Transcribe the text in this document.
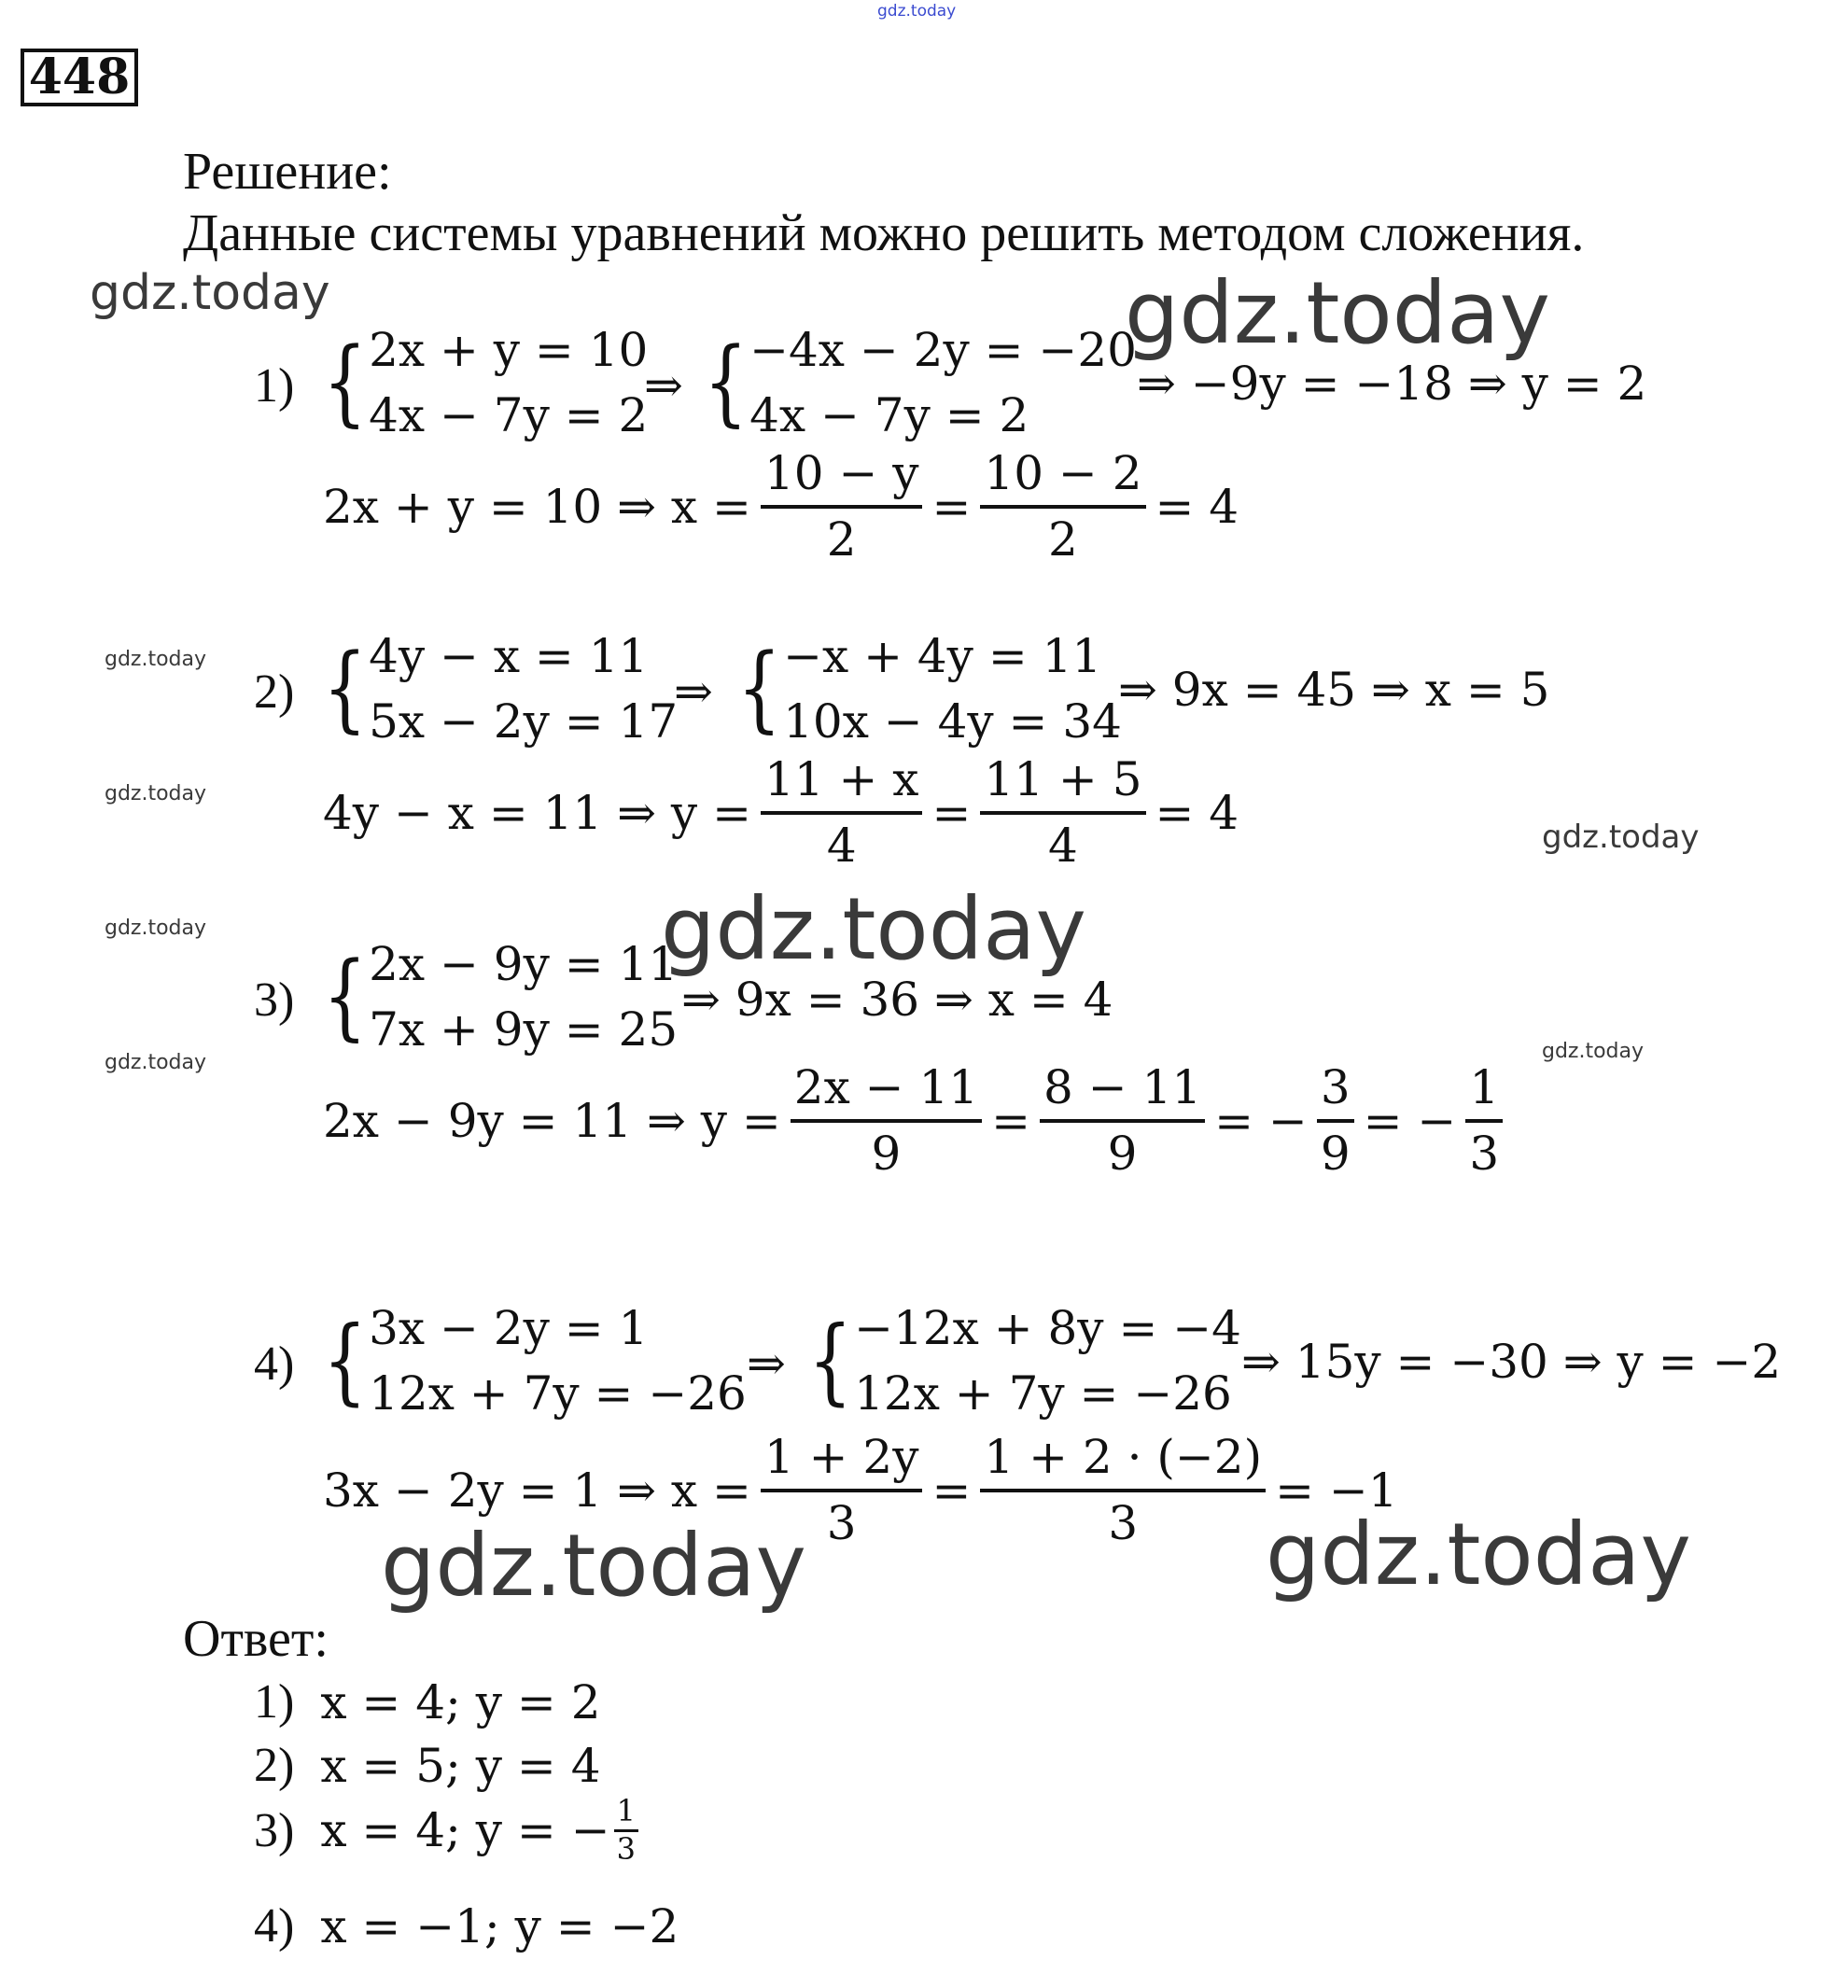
gdz.today
gdz.today	gdz.today
gdz.today
gdz.today
gdz.today
gdz.today
gdz.today
gdz.today
gdz.today
gdz.today	gdz.today
448
Решение:
Данные системы уравнений можно решить методом сложения.
1) { 2x + y = 10
4x − 7y = 2
⇒ { −4x − 2y = −20
4x − 7y = 2
⇒ −9y = −18 ⇒ y = 2
2x + y = 10 ⇒ $x = \frac{10 - y}{2} = \frac{10 - 2}{2} = 4$
2) { 4y − x = 11
5x − 2y = 17
⇒ { −x + 4y = 11
10x − 4y = 34
⇒ 9x = 45 ⇒ x = 5
4y − x = 11 ⇒ $y = \frac{11 + x}{4} = \frac{11 + 5}{4} = 4$
3) { 2x − 9y = 11
7x + 9y = 25
⇒ 9x = 36 ⇒ x = 4
2x − 9y = 11 ⇒ $y = \frac{2x - 11}{9} = \frac{8 - 11}{9}$ = − $\frac{3}{9}$ = − $\frac{1}{3}$
4) { 3x − 2y = 1
12x + 7y = −26
⇒ { −12x + 8y = −4
12x + 7y = −26
⇒ 15y = −30 ⇒ y = −2
3x − 2y = 1 ⇒ $x = \frac{1 + 2y}{3} = \frac{1 + 2 \cdot (-2)}{3} = -1$
Ответ:
1) x = 4; y = 2
2) x = 5; y = 4
3) x = 4; y = − $\frac{1}{3}$
4) x = −1; y = −2
